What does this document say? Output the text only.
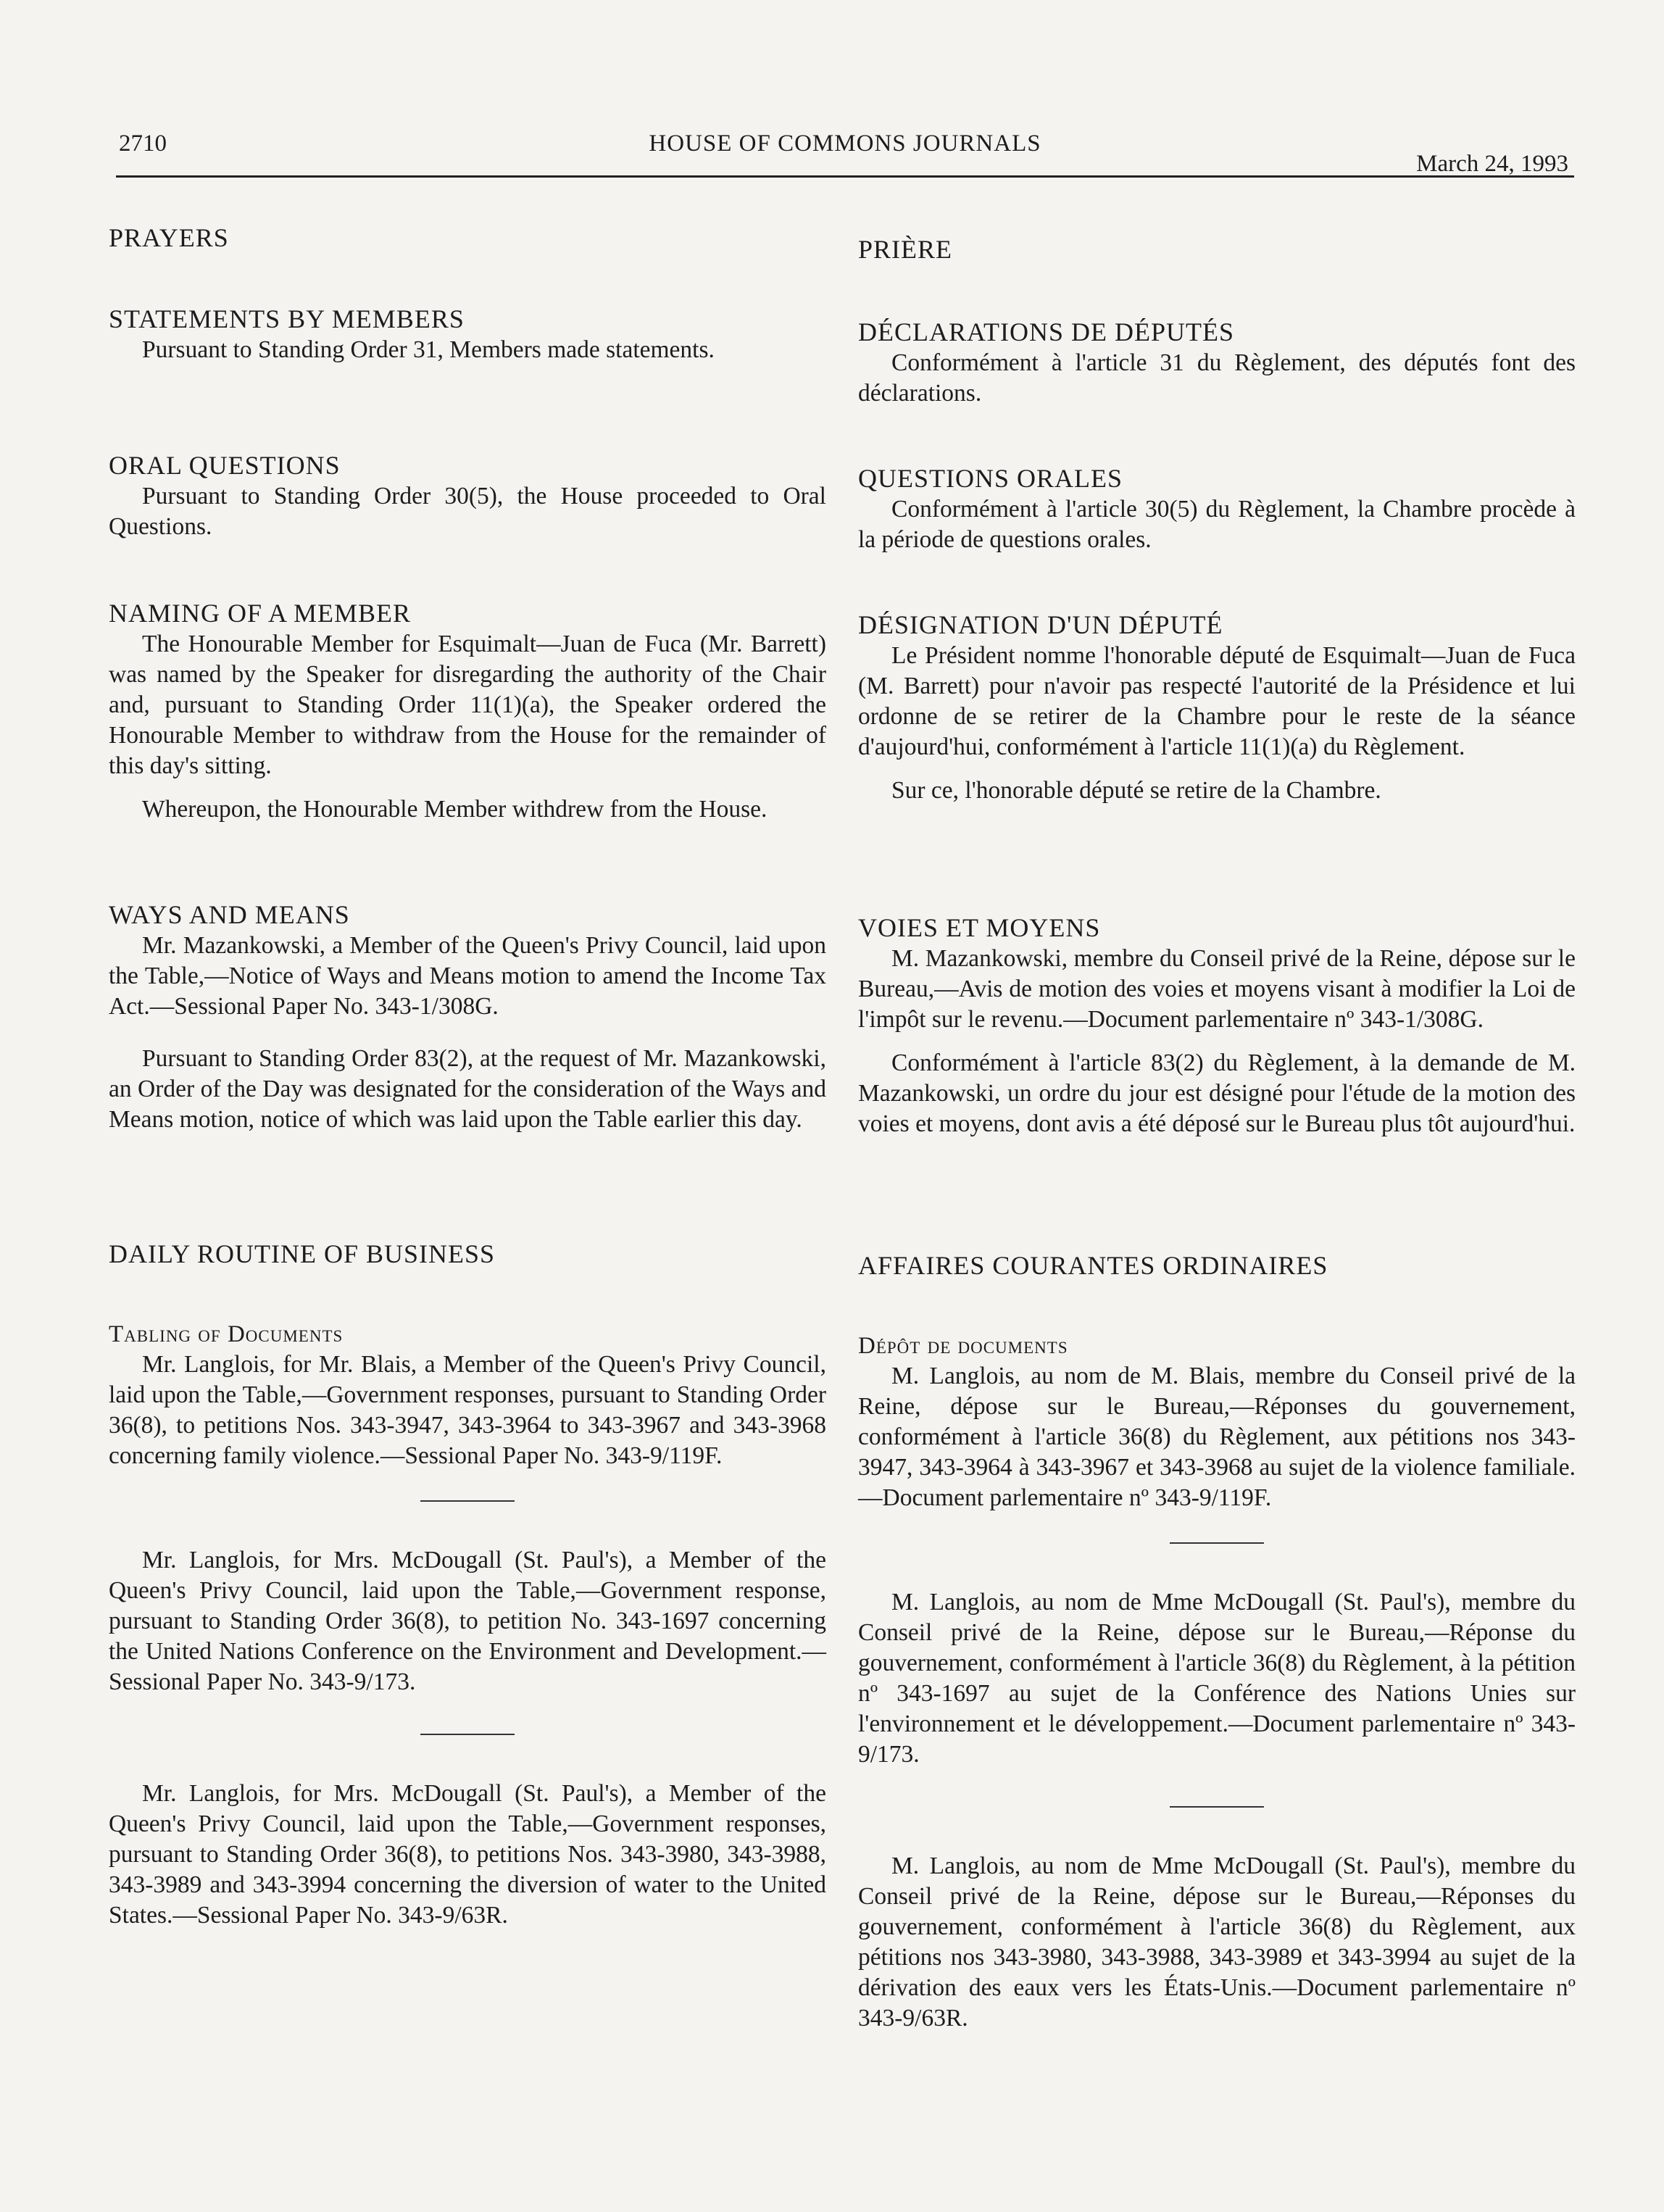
2710	HOUSE OF COMMONS JOURNALS
March 24, 1993
PRAYERS
STATEMENTS BY MEMBERS

Pursuant to Standing Order 31, Members made statements.

ORAL QUESTIONS

Pursuant to Standing Order 30(5), the House proceeded to Oral Questions.

NAMING OF A MEMBER

The Honourable Member for Esquimalt—Juan de Fuca (Mr. Barrett) was named by the Speaker for disregarding the authority of the Chair and, pursuant to Standing Order 11(1)(a), the Speaker ordered the Honourable Member to withdraw from the House for the remainder of this day's sitting.

Whereupon, the Honourable Member withdrew from the House.

WAYS AND MEANS

Mr. Mazankowski, a Member of the Queen's Privy Council, laid upon the Table,—Notice of Ways and Means motion to amend the Income Tax Act.—Sessional Paper No. 343-1/308G.

Pursuant to Standing Order 83(2), at the request of Mr. Mazankowski, an Order of the Day was designated for the consideration of the Ways and Means motion, notice of which was laid upon the Table earlier this day.

DAILY ROUTINE OF BUSINESS
Tabling of Documents

Mr. Langlois, for Mr. Blais, a Member of the Queen's Privy Council, laid upon the Table,—Government responses, pursuant to Standing Order 36(8), to petitions Nos. 343-3947, 343-3964 to 343-3967 and 343-3968 concerning family violence.—Sessional Paper No. 343-9/119F.

Mr. Langlois, for Mrs. McDougall (St. Paul's), a Member of the Queen's Privy Council, laid upon the Table,—Government response, pursuant to Standing Order 36(8), to petition No. 343-1697 concerning the United Nations Conference on the Environment and Development.—Sessional Paper No. 343-9/173.

Mr. Langlois, for Mrs. McDougall (St. Paul's), a Member of the Queen's Privy Council, laid upon the Table,—Government responses, pursuant to Standing Order 36(8), to petitions Nos. 343-3980, 343-3988, 343-3989 and 343-3994 concerning the diversion of water to the United States.—Sessional Paper No. 343-9/63R.

PRIÈRE
DÉCLARATIONS DE DÉPUTÉS

Conformément à l'article 31 du Règlement, des députés font des déclarations.

QUESTIONS ORALES

Conformément à l'article 30(5) du Règlement, la Chambre procède à la période de questions orales.

DÉSIGNATION D'UN DÉPUTÉ

Le Président nomme l'honorable député de Esquimalt—Juan de Fuca (M. Barrett) pour n'avoir pas respecté l'autorité de la Présidence et lui ordonne de se retirer de la Chambre pour le reste de la séance d'aujourd'hui, conformément à l'article 11(1)(a) du Règlement.

Sur ce, l'honorable député se retire de la Chambre.

VOIES ET MOYENS

M. Mazankowski, membre du Conseil privé de la Reine, dépose sur le Bureau,—Avis de motion des voies et moyens visant à modifier la Loi de l'impôt sur le revenu.—Document parlementaire nº 343-1/308G.

Conformément à l'article 83(2) du Règlement, à la demande de M. Mazankowski, un ordre du jour est désigné pour l'étude de la motion des voies et moyens, dont avis a été déposé sur le Bureau plus tôt aujourd'hui.

AFFAIRES COURANTES ORDINAIRES
Dépôt de documents

M. Langlois, au nom de M. Blais, membre du Conseil privé de la Reine, dépose sur le Bureau,—Réponses du gouvernement, conformément à l'article 36(8) du Règlement, aux pétitions nos 343-3947, 343-3964 à 343-3967 et 343-3968 au sujet de la violence familiale.—Document parlementaire nº 343-9/119F.

M. Langlois, au nom de Mme McDougall (St. Paul's), membre du Conseil privé de la Reine, dépose sur le Bureau,—Réponse du gouvernement, conformément à l'article 36(8) du Règlement, à la pétition nº 343-1697 au sujet de la Conférence des Nations Unies sur l'environnement et le développement.—Document parlementaire nº 343-9/173.

M. Langlois, au nom de Mme McDougall (St. Paul's), membre du Conseil privé de la Reine, dépose sur le Bureau,—Réponses du gouvernement, conformément à l'article 36(8) du Règlement, aux pétitions nos 343-3980, 343-3988, 343-3989 et 343-3994 au sujet de la dérivation des eaux vers les États-Unis.—Document parlementaire nº 343-9/63R.
